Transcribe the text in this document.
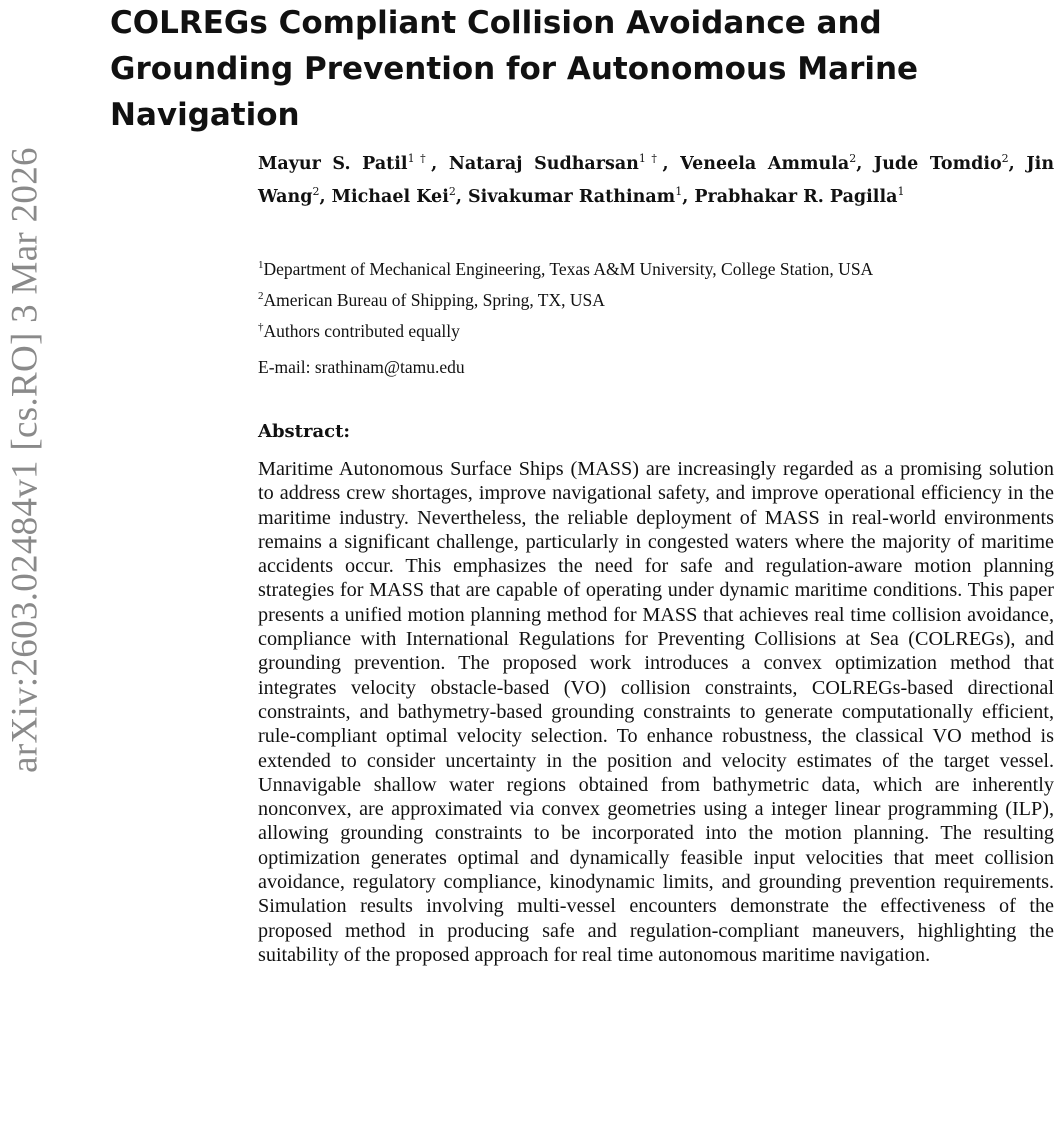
arXiv:2603.02484v1 [cs.RO] 3 Mar 2026
COLREGs Compliant Collision Avoidance and Grounding Prevention for Autonomous Marine Navigation
Mayur S. Patil$^{1\dagger}$, Nataraj Sudharsan$^{1\dagger}$, Veneela Ammula$^2$, Jude Tomdio$^2$, Jin Wang$^2$, Michael Kei$^2$, Sivakumar Rathinam$^1$, Prabhakar R. Pagilla$^1$
$^1$Department of Mechanical Engineering, Texas A&M University, College Station, USA
$^2$American Bureau of Shipping, Spring, TX, USA
†Authors contributed equally
E-mail: srathinam@tamu.edu
Abstract:

Maritime Autonomous Surface Ships (MASS) are increasingly regarded as a promising solution to address crew shortages, improve navigational safety, and improve operational efficiency in the maritime industry. Nevertheless, the reliable deployment of MASS in real-world environments remains a significant challenge, particularly in congested waters where the majority of maritime accidents occur. This emphasizes the need for safe and regulation-aware motion planning strategies for MASS that are capable of operating under dynamic maritime conditions. This paper presents a unified motion planning method for MASS that achieves real time collision avoidance, compliance with International Regulations for Preventing Collisions at Sea (COLREGs), and grounding prevention. The proposed work introduces a convex optimization method that integrates velocity obstacle-based (VO) collision constraints, COLREGs-based directional constraints, and bathymetry-based grounding constraints to generate computationally efficient, rule-compliant optimal velocity selection. To enhance robustness, the classical VO method is extended to consider uncertainty in the position and velocity estimates of the target vessel. Unnavigable shallow water regions obtained from bathymetric data, which are inherently nonconvex, are approximated via convex geometries using a integer linear programming (ILP), allowing grounding constraints to be incorporated into the motion planning. The resulting optimization generates optimal and dynamically feasible input velocities that meet collision avoidance, regulatory compliance, kinodynamic limits, and grounding prevention requirements. Simulation results involving multi-vessel encounters demonstrate the effectiveness of the proposed method in producing safe and regulation-compliant maneuvers, highlighting the suitability of the proposed approach for real time autonomous maritime navigation.
